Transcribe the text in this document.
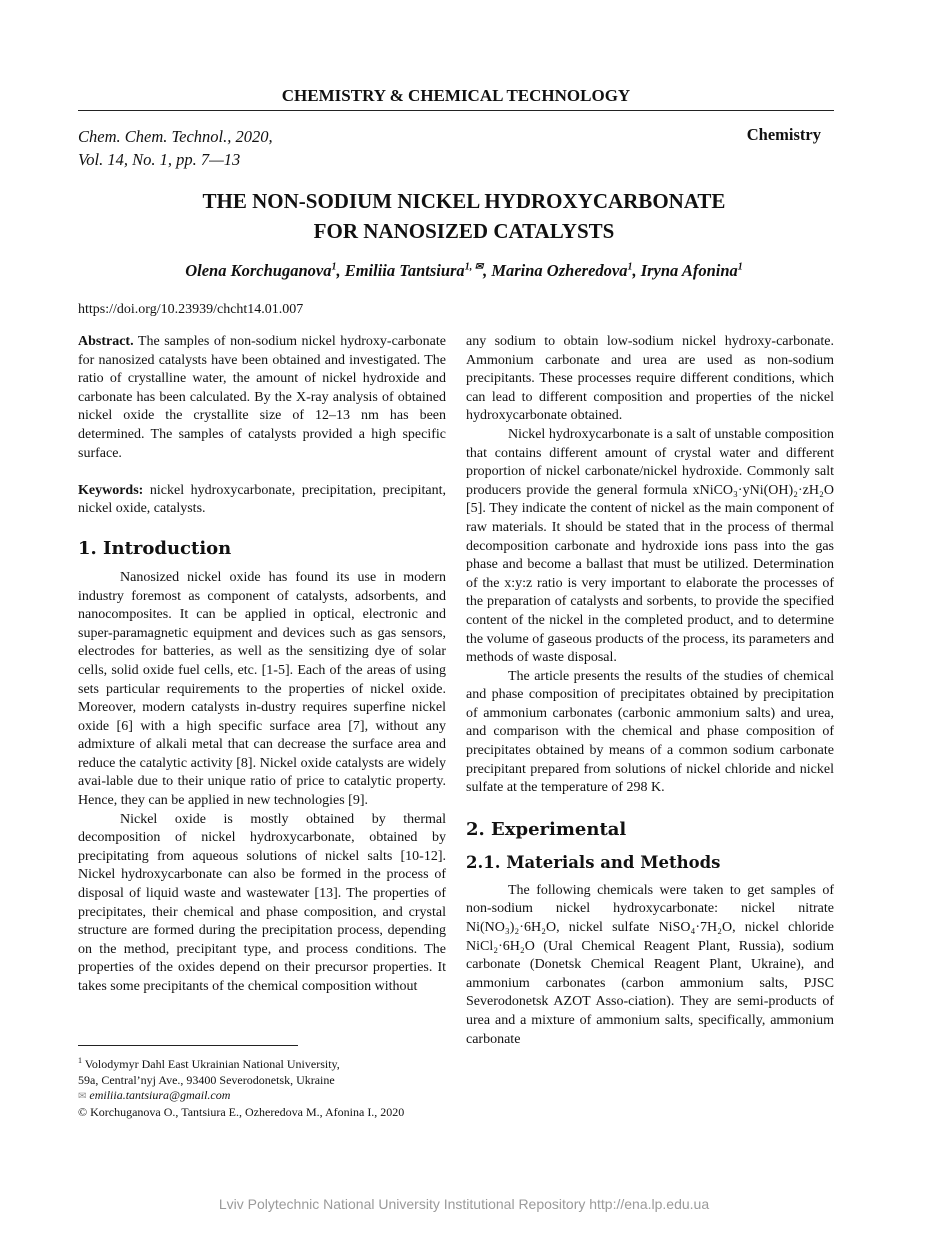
CHEMISTRY & CHEMICAL TECHNOLOGY
Chem. Chem. Technol., 2020,
Vol. 14, No. 1, pp. 7—13
Chemistry
THE NON-SODIUM NICKEL HYDROXYCARBONATE
FOR NANOSIZED CATALYSTS
Olena Korchuganova$^1$, Emiliia Tantsiura$^{1, ✉}$, Marina Ozheredova$^1$, Iryna Afonina$^1$
https://doi.org/10.23939/chcht14.01.007

Abstract. The samples of non-sodium nickel hydroxy-carbonate for nanosized catalysts have been obtained and investigated. The ratio of crystalline water, the amount of nickel hydroxide and carbonate has been calculated. By the X-ray analysis of obtained nickel oxide the crystallite size of 12–13 nm has been determined. The samples of catalysts provided a high specific surface.

Keywords: nickel hydroxycarbonate, precipitation, precipitant, nickel oxide, catalysts.

1. Introduction

Nanosized nickel oxide has found its use in modern industry foremost as component of catalysts, adsorbents, and nanocomposites. It can be applied in optical, electronic and super-paramagnetic equipment and devices such as gas sensors, electrodes for batteries, as well as the sensitizing dye of solar cells, solid oxide fuel cells, etc. [1-5]. Each of the areas of using sets particular requirements to the properties of nickel oxide. Moreover, modern catalysts in-dustry requires superfine nickel oxide [6] with a high specific surface area [7], without any admixture of alkali metal that can decrease the surface area and reduce the catalytic activity [8]. Nickel oxide catalysts are widely avai-lable due to their unique ratio of price to catalytic property. Hence, they can be applied in new technologies [9].

Nickel oxide is mostly obtained by thermal decomposition of nickel hydroxycarbonate, obtained by precipitating from aqueous solutions of nickel salts [10-12]. Nickel hydroxycarbonate can also be formed in the process of disposal of liquid waste and wastewater [13]. The properties of precipitates, their chemical and phase composition, and crystal structure are formed during the precipitation process, depending on the method, precipitant type, and process conditions. The properties of the oxides depend on their precursor properties. It takes some precipitants of the chemical composition without

any sodium to obtain low-sodium nickel hydroxy-carbonate. Ammonium carbonate and urea are used as non-sodium precipitants. These processes require different conditions, which can lead to different composition and properties of the nickel hydroxycarbonate obtained.

Nickel hydroxycarbonate is a salt of unstable composition that contains different amount of crystal water and different proportion of nickel carbonate/nickel hydroxide. Commonly salt producers provide the general formula xNiCO₃·yNi(OH)₂·zH₂O [5]. They indicate the content of nickel as the main component of raw materials. It should be stated that in the process of thermal decomposition carbonate and hydroxide ions pass into the gas phase and become a ballast that must be utilized. Determination of the x:y:z ratio is very important to elaborate the processes of the preparation of catalysts and sorbents, to provide the specified content of the nickel in the completed product, and to determine the volume of gaseous products of the process, its parameters and methods of waste disposal.

The article presents the results of the studies of chemical and phase composition of precipitates obtained by precipitation of ammonium carbonates (carbonic ammonium salts) and urea, and comparison with the chemical and phase composition of precipitates obtained by means of a common sodium carbonate precipitant prepared from solutions of nickel chloride and nickel sulfate at the temperature of 298 K.

2. Experimental
2.1. Materials and Methods

The following chemicals were taken to get samples of non-sodium nickel hydroxycarbonate: nickel nitrate Ni(NO₃)₂·6H₂O, nickel sulfate NiSO₄·7H₂O, nickel chloride NiCl₂·6H₂O (Ural Chemical Reagent Plant, Russia), sodium carbonate (Donetsk Chemical Reagent Plant, Ukraine), and ammonium carbonates (carbon ammonium salts, PJSC Severodonetsk AZOT Asso-ciation). They are semi-products of urea and a mixture of ammonium salts, specifically, ammonium carbonate

$^1$ Volodymyr Dahl East Ukrainian National University,
59a, Central’nyj Ave., 93400 Severodonetsk, Ukraine
✉ emiliia.tantsiura@gmail.com
© Korchuganova O., Tantsiura E., Ozheredova M., Afonina I., 2020
Lviv Polytechnic National University Institutional Repository http://ena.lp.edu.ua
